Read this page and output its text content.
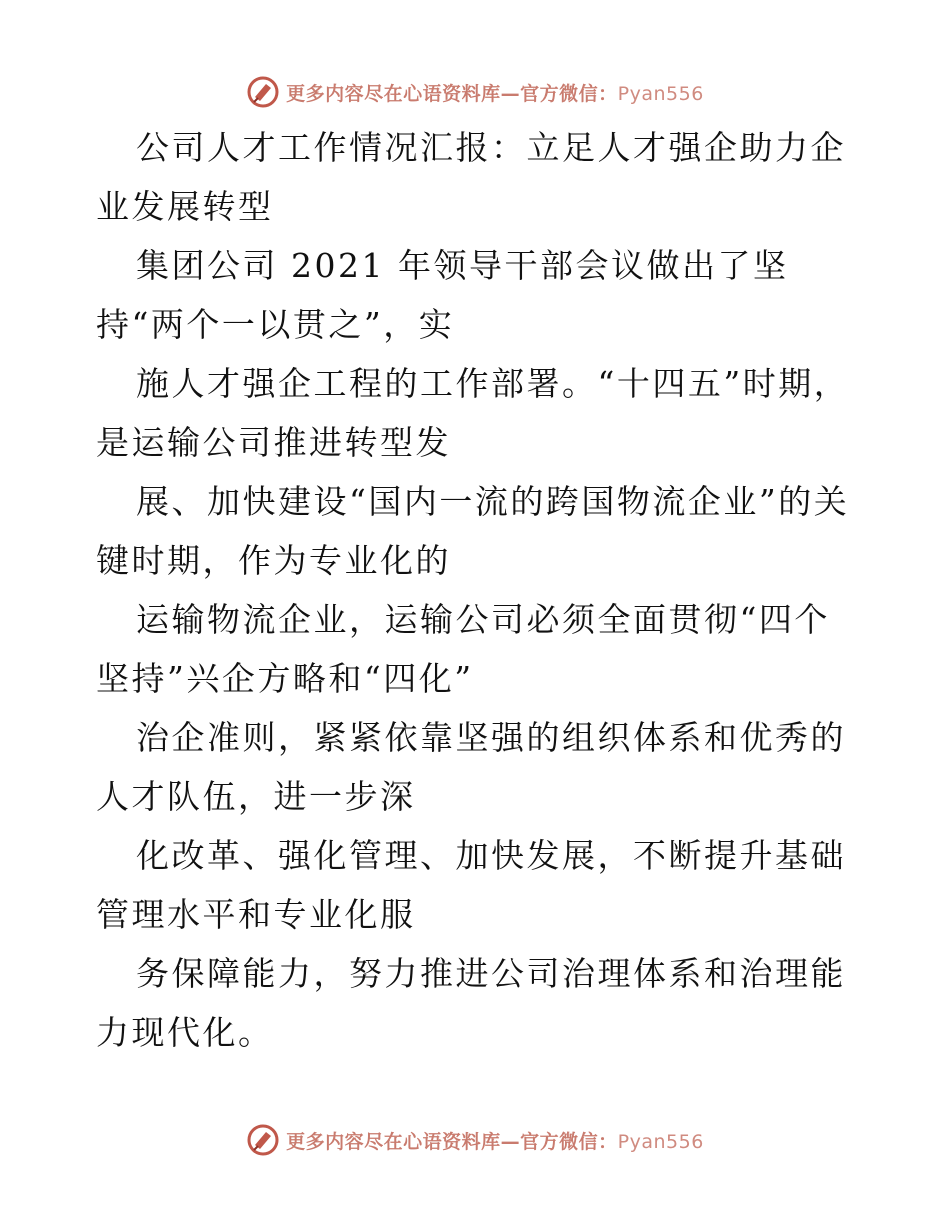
更多内容尽在心语资料库—官方微信：Pyan556

公司人才工作情况汇报：立足人才强企助力企业发展转型

集团公司 2021 年领导干部会议做出了坚持“两个一以贯之”，实

施人才强企工程的工作部署。“十四五”时期，是运输公司推进转型发

展、加快建设“国内一流的跨国物流企业”的关键时期，作为专业化的

运输物流企业，运输公司必须全面贯彻“四个坚持”兴企方略和“四化”

治企准则，紧紧依靠坚强的组织体系和优秀的人才队伍，进一步深

化改革、强化管理、加快发展，不断提升基础管理水平和专业化服

务保障能力，努力推进公司治理体系和治理能力现代化。

更多内容尽在心语资料库—官方微信：Pyan556
